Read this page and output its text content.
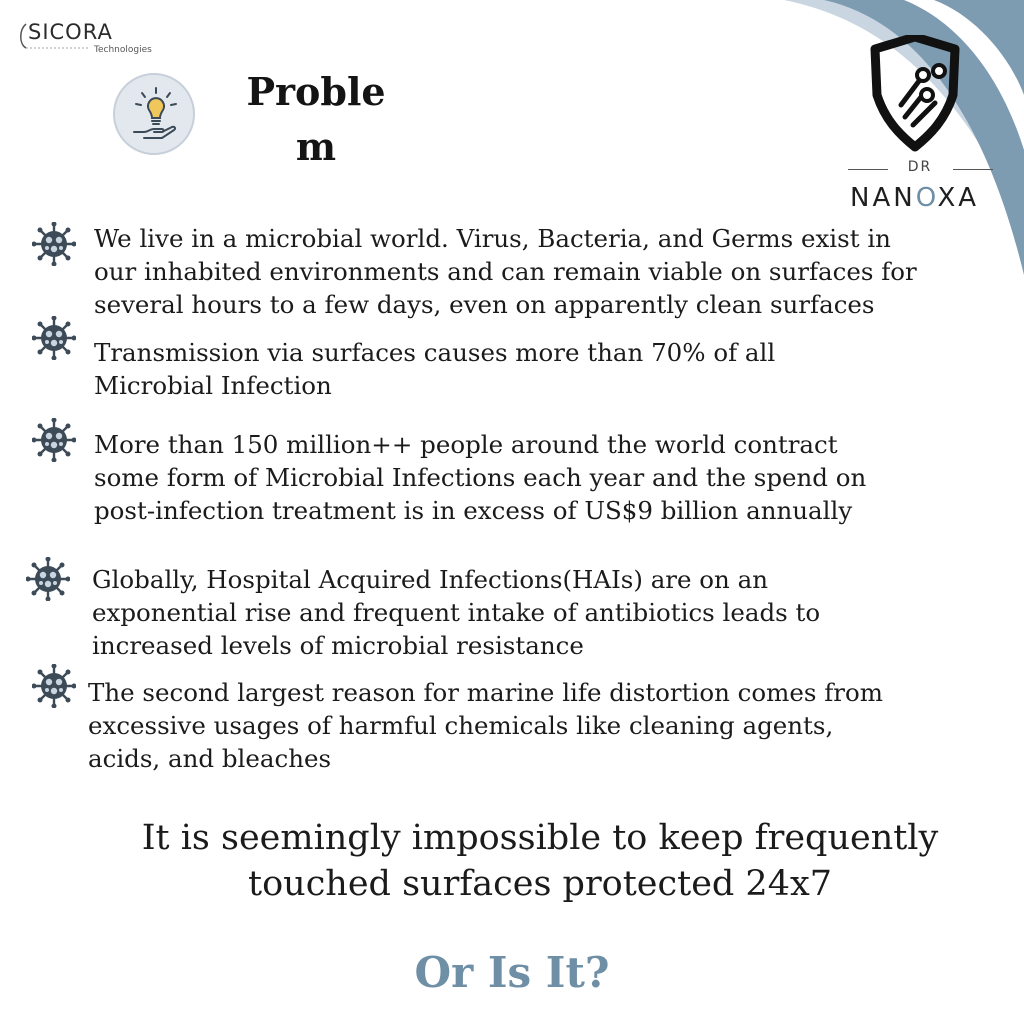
SICORA
Technologies
Problem	DR
NANOXA

We live in a microbial world. Virus, Bacteria, and Germs exist in our inhabited environments and can remain viable on surfaces for several hours to a few days, even on apparently clean surfaces

Transmission via surfaces causes more than 70% of all Microbial Infection

More than 150 million++ people around the world contract some form of Microbial Infections each year and the spend on post-infection treatment is in excess of US$9 billion annually

Globally, Hospital Acquired Infections(HAIs) are on an exponential rise and frequent intake of antibiotics leads to increased levels of microbial resistance

The second largest reason for marine life distortion comes from excessive usages of harmful chemicals like cleaning agents, acids, and bleaches

It is seemingly impossible to keep frequently touched surfaces protected 24x7
Or Is It?
